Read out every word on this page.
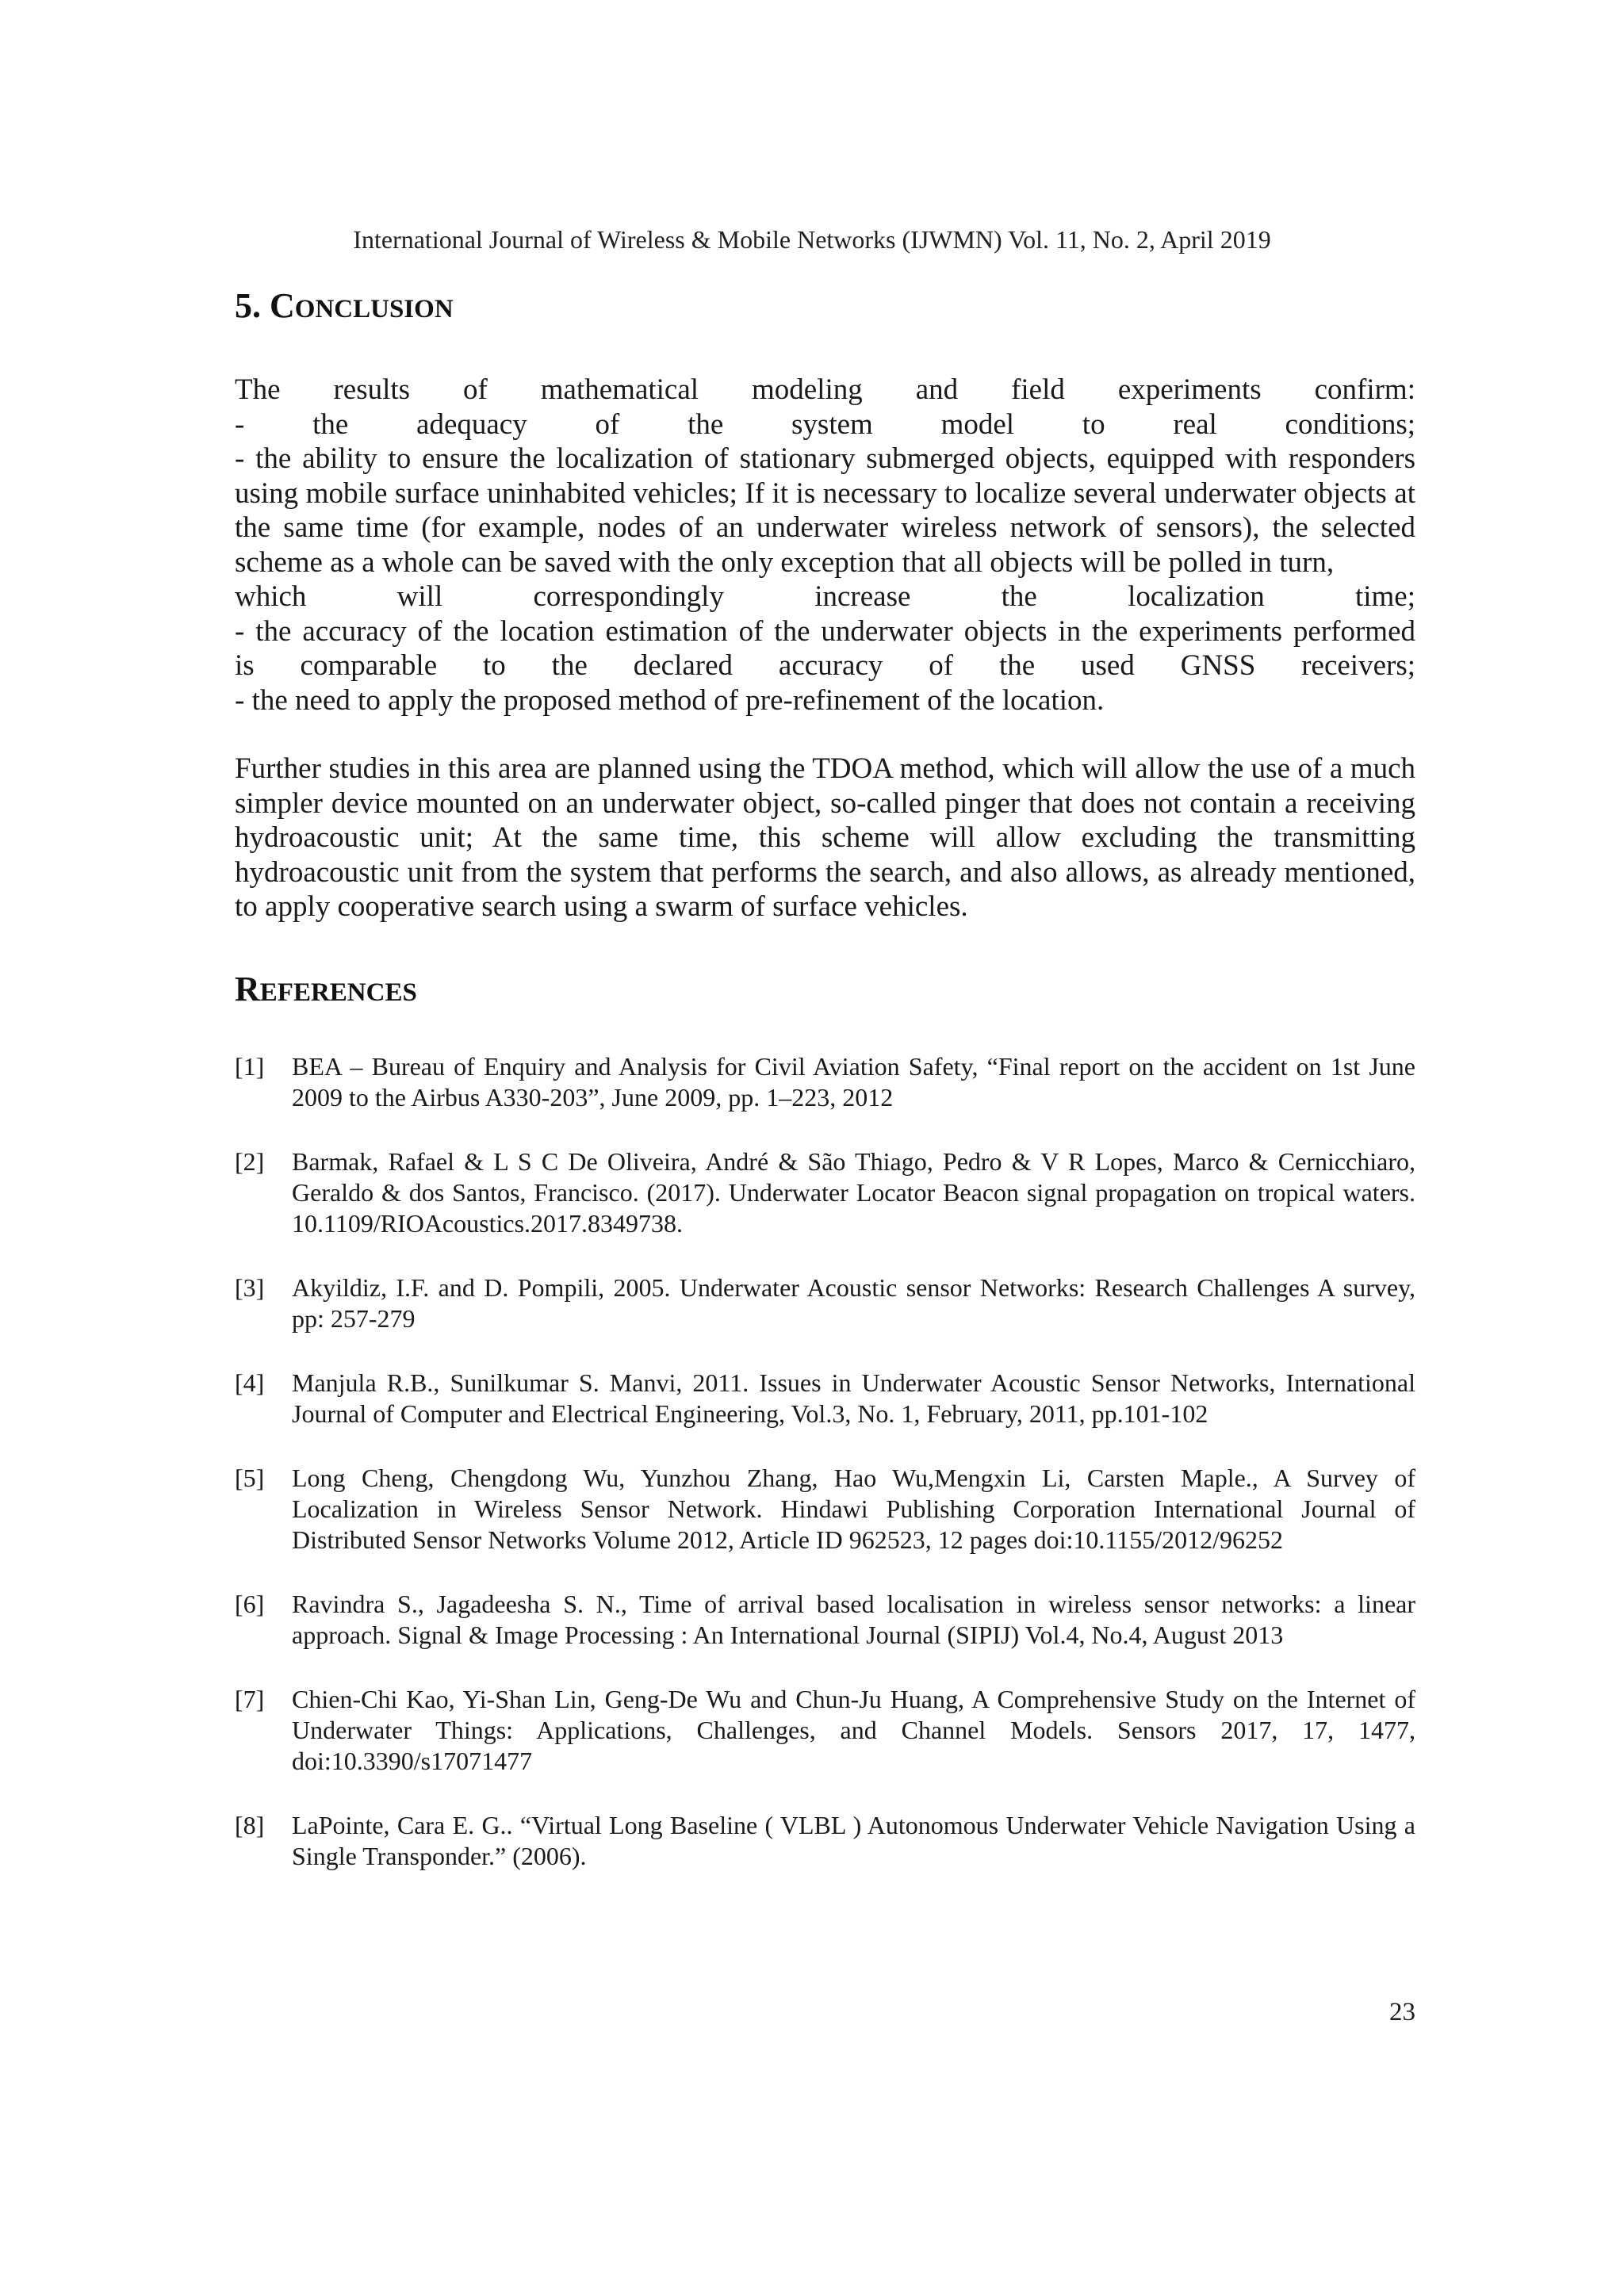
International Journal of Wireless & Mobile Networks (IJWMN) Vol. 11, No. 2, April 2019
5. CONCLUSION
The results of mathematical modeling and field experiments confirm:
- the adequacy of the system model to real conditions;
- the ability to ensure the localization of stationary submerged objects, equipped with responders using mobile surface uninhabited vehicles; If it is necessary to localize several underwater objects at the same time (for example, nodes of an underwater wireless network of sensors), the selected scheme as a whole can be saved with the only exception that all objects will be polled in turn,
which will correspondingly increase the localization time;
- the accuracy of the location estimation of the underwater objects in the experiments performed
is comparable to the declared accuracy of the used GNSS receivers;
- the need to apply the proposed method of pre-refinement of the location.
Further studies in this area are planned using the TDOA method, which will allow the use of a much simpler device mounted on an underwater object, so-called pinger that does not contain a receiving hydroacoustic unit; At the same time, this scheme will allow excluding the transmitting hydroacoustic unit from the system that performs the search, and also allows, as already mentioned, to apply cooperative search using a swarm of surface vehicles.
REFERENCES
[1] BEA – Bureau of Enquiry and Analysis for Civil Aviation Safety, “Final report on the accident on 1st June 2009 to the Airbus A330-203”, June 2009, pp. 1–223, 2012
[2] Barmak, Rafael & L S C De Oliveira, André & São Thiago, Pedro & V R Lopes, Marco & Cernicchiaro, Geraldo & dos Santos, Francisco. (2017). Underwater Locator Beacon signal propagation on tropical waters. 10.1109/RIOAcoustics.2017.8349738.
[3] Akyildiz, I.F. and D. Pompili, 2005. Underwater Acoustic sensor Networks: Research Challenges A survey, pp: 257-279
[4] Manjula R.B., Sunilkumar S. Manvi, 2011. Issues in Underwater Acoustic Sensor Networks, International Journal of Computer and Electrical Engineering, Vol.3, No. 1, February, 2011, pp.101-102
[5] Long Cheng, Chengdong Wu, Yunzhou Zhang, Hao Wu,Mengxin Li, Carsten Maple., A Survey of Localization in Wireless Sensor Network. Hindawi Publishing Corporation International Journal of Distributed Sensor Networks Volume 2012, Article ID 962523, 12 pages doi:10.1155/2012/96252
[6] Ravindra S., Jagadeesha S. N., Time of arrival based localisation in wireless sensor networks: a linear approach. Signal & Image Processing : An International Journal (SIPIJ) Vol.4, No.4, August 2013
[7] Chien-Chi Kao, Yi-Shan Lin, Geng-De Wu and Chun-Ju Huang, A Comprehensive Study on the Internet of Underwater Things: Applications, Challenges, and Channel Models. Sensors 2017, 17, 1477, doi:10.3390/s17071477
[8] LaPointe, Cara E. G.. “Virtual Long Baseline ( VLBL ) Autonomous Underwater Vehicle Navigation Using a Single Transponder.” (2006).
23
